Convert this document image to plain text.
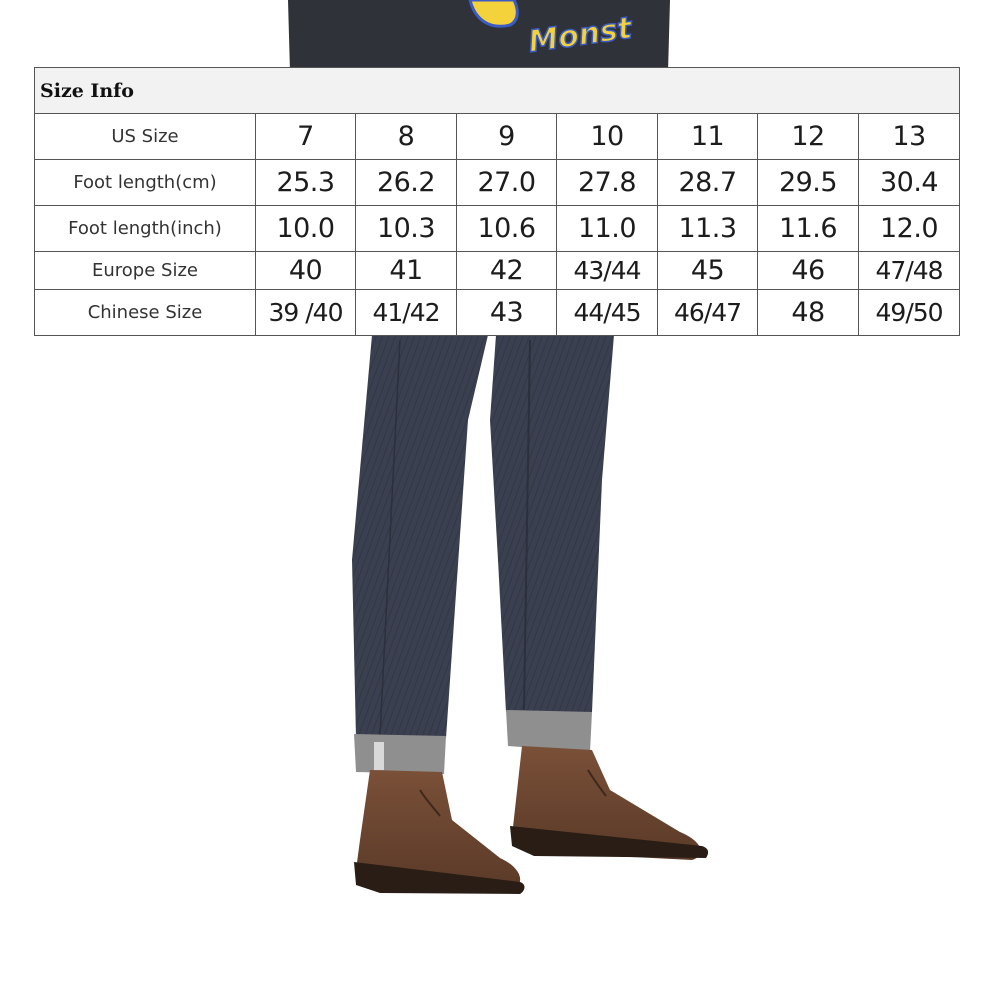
Monst
Size Info							
US Size	7	8	9	10	11	12	13
Foot length(cm)	25.3	26.2	27.0	27.8	28.7	29.5	30.4
Foot length(inch)	10.0	10.3	10.6	11.0	11.3	11.6	12.0
Europe Size	40	41	42	43/44	45	46	47/48
Chinese Size	39 /40	41/42	43	44/45	46/47	48	49/50
